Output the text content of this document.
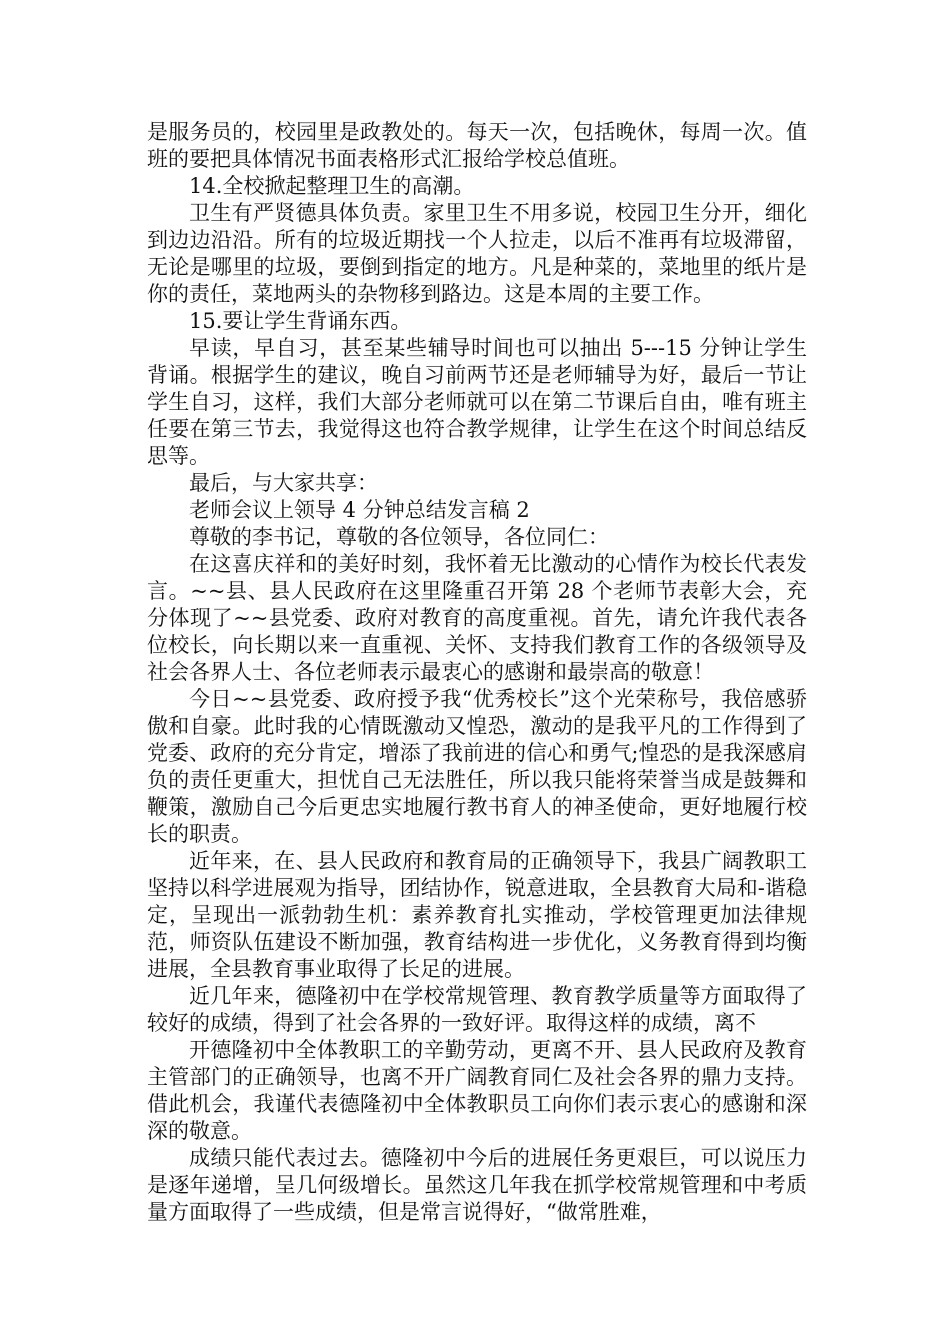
是服务员的，校园里是政教处的。每天一次，包括晚休，每周一次。值班的要把具体情况书面表格形式汇报给学校总值班。

14.全校掀起整理卫生的高潮。

卫生有严贤德具体负责。家里卫生不用多说，校园卫生分开，细化到边边沿沿。所有的垃圾近期找一个人拉走，以后不准再有垃圾滞留，无论是哪里的垃圾，要倒到指定的地方。凡是种菜的，菜地里的纸片是你的责任，菜地两头的杂物移到路边。这是本周的主要工作。

15.要让学生背诵东西。

早读，早自习，甚至某些辅导时间也可以抽出 5---15 分钟让学生背诵。根据学生的建议，晚自习前两节还是老师辅导为好，最后一节让学生自习，这样，我们大部分老师就可以在第二节课后自由，唯有班主任要在第三节去，我觉得这也符合教学规律，让学生在这个时间总结反思等。

最后，与大家共享：

老师会议上领导 4 分钟总结发言稿 2

尊敬的李书记，尊敬的各位领导，各位同仁：

在这喜庆祥和的美好时刻，我怀着无比激动的心情作为校长代表发言。~~县、县人民政府在这里隆重召开第 28 个老师节表彰大会，充分体现了~~县党委、政府对教育的高度重视。首先，请允许我代表各位校长，向长期以来一直重视、关怀、支持我们教育工作的各级领导及社会各界人士、各位老师表示最衷心的感谢和最崇高的敬意！

今日~~县党委、政府授予我“优秀校长”这个光荣称号，我倍感骄傲和自豪。此时我的心情既激动又惶恐，激动的是我平凡的工作得到了党委、政府的充分肯定，增添了我前进的信心和勇气;惶恐的是我深感肩负的责任更重大，担忧自己无法胜任，所以我只能将荣誉当成是鼓舞和鞭策，激励自己今后更忠实地履行教书育人的神圣使命，更好地履行校长的职责。

近年来，在、县人民政府和教育局的正确领导下，我县广阔教职工坚持以科学进展观为指导，团结协作，锐意进取，全县教育大局和-谐稳定，呈现出一派勃勃生机：素养教育扎实推动，学校管理更加法律规范，师资队伍建设不断加强，教育结构进一步优化，义务教育得到均衡进展，全县教育事业取得了长足的进展。

近几年来，德隆初中在学校常规管理、教育教学质量等方面取得了较好的成绩，得到了社会各界的一致好评。取得这样的成绩，离不

开德隆初中全体教职工的辛勤劳动，更离不开、县人民政府及教育主管部门的正确领导，也离不开广阔教育同仁及社会各界的鼎力支持。借此机会，我谨代表德隆初中全体教职员工向你们表示衷心的感谢和深深的敬意。

成绩只能代表过去。德隆初中今后的进展任务更艰巨，可以说压力是逐年递增，呈几何级增长。虽然这几年我在抓学校常规管理和中考质量方面取得了一些成绩，但是常言说得好，“做常胜难，
